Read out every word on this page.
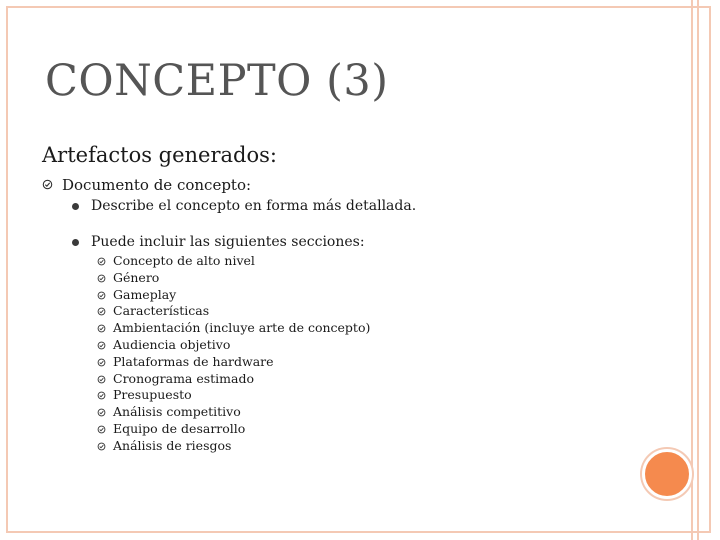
CONCEPTO (3)
Artefactos generados:
Documento de concepto:
Describe el concepto en forma más detallada.
Puede incluir las siguientes secciones:
Concepto de alto nivel
Género
Gameplay
Características
Ambientación (incluye arte de concepto)
Audiencia objetivo
Plataformas de hardware
Cronograma estimado
Presupuesto
Análisis competitivo
Equipo de desarrollo
Análisis de riesgos
